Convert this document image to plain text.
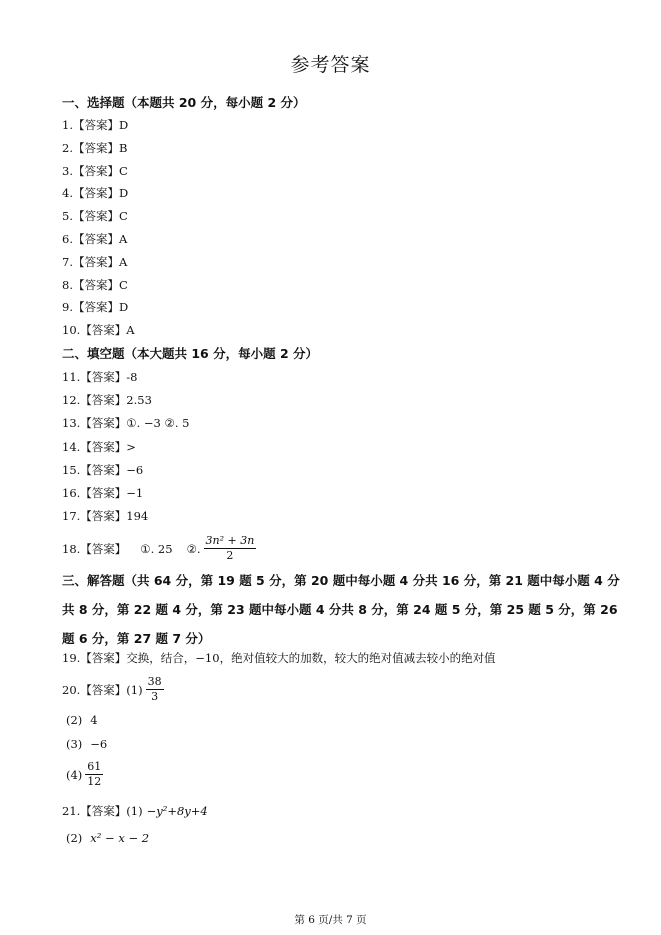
参考答案
一、选择题（本题共 20 分，每小题 2 分）
1.【答案】 D
2.【答案】 B
3.【答案】 C
4.【答案】 D
5.【答案】 C
6.【答案】 A
7.【答案】 A
8.【答案】 C
9.【答案】 D
10.【答案】 A
二、填空题（本大题共 16 分，每小题 2 分）
11.【答案】 -8
12.【答案】 2.53
13.【答案】 ①. −3 ②. 5
14.【答案】 >
15.【答案】 −6
16.【答案】 −1
17.【答案】 194
18.【答案】 ①. 25 ②. $\frac{\text{3n² + 3n}}{2}$
三、解答题（共 64 分，第 19 题 5 分，第 20 题中每小题 4 分共 16 分，第 21 题中每小题 4 分共 8 分，第 22 题 4 分，第 23 题中每小题 4 分共 8 分，第 24 题 5 分，第 25 题 5 分，第 26 题 6 分，第 27 题 7 分）
19.【答案】 交换，结合，−10，绝对值较大的加数，较大的绝对值减去较小的绝对值
20.【答案】 $(1) \frac{38}{3}$
(2) 4
(3) −6
$(4) \frac{61}{12}$
21.【答案】 (1) −y²+8y+4
(2) x² − x − 2
第 6 页/共 7 页
